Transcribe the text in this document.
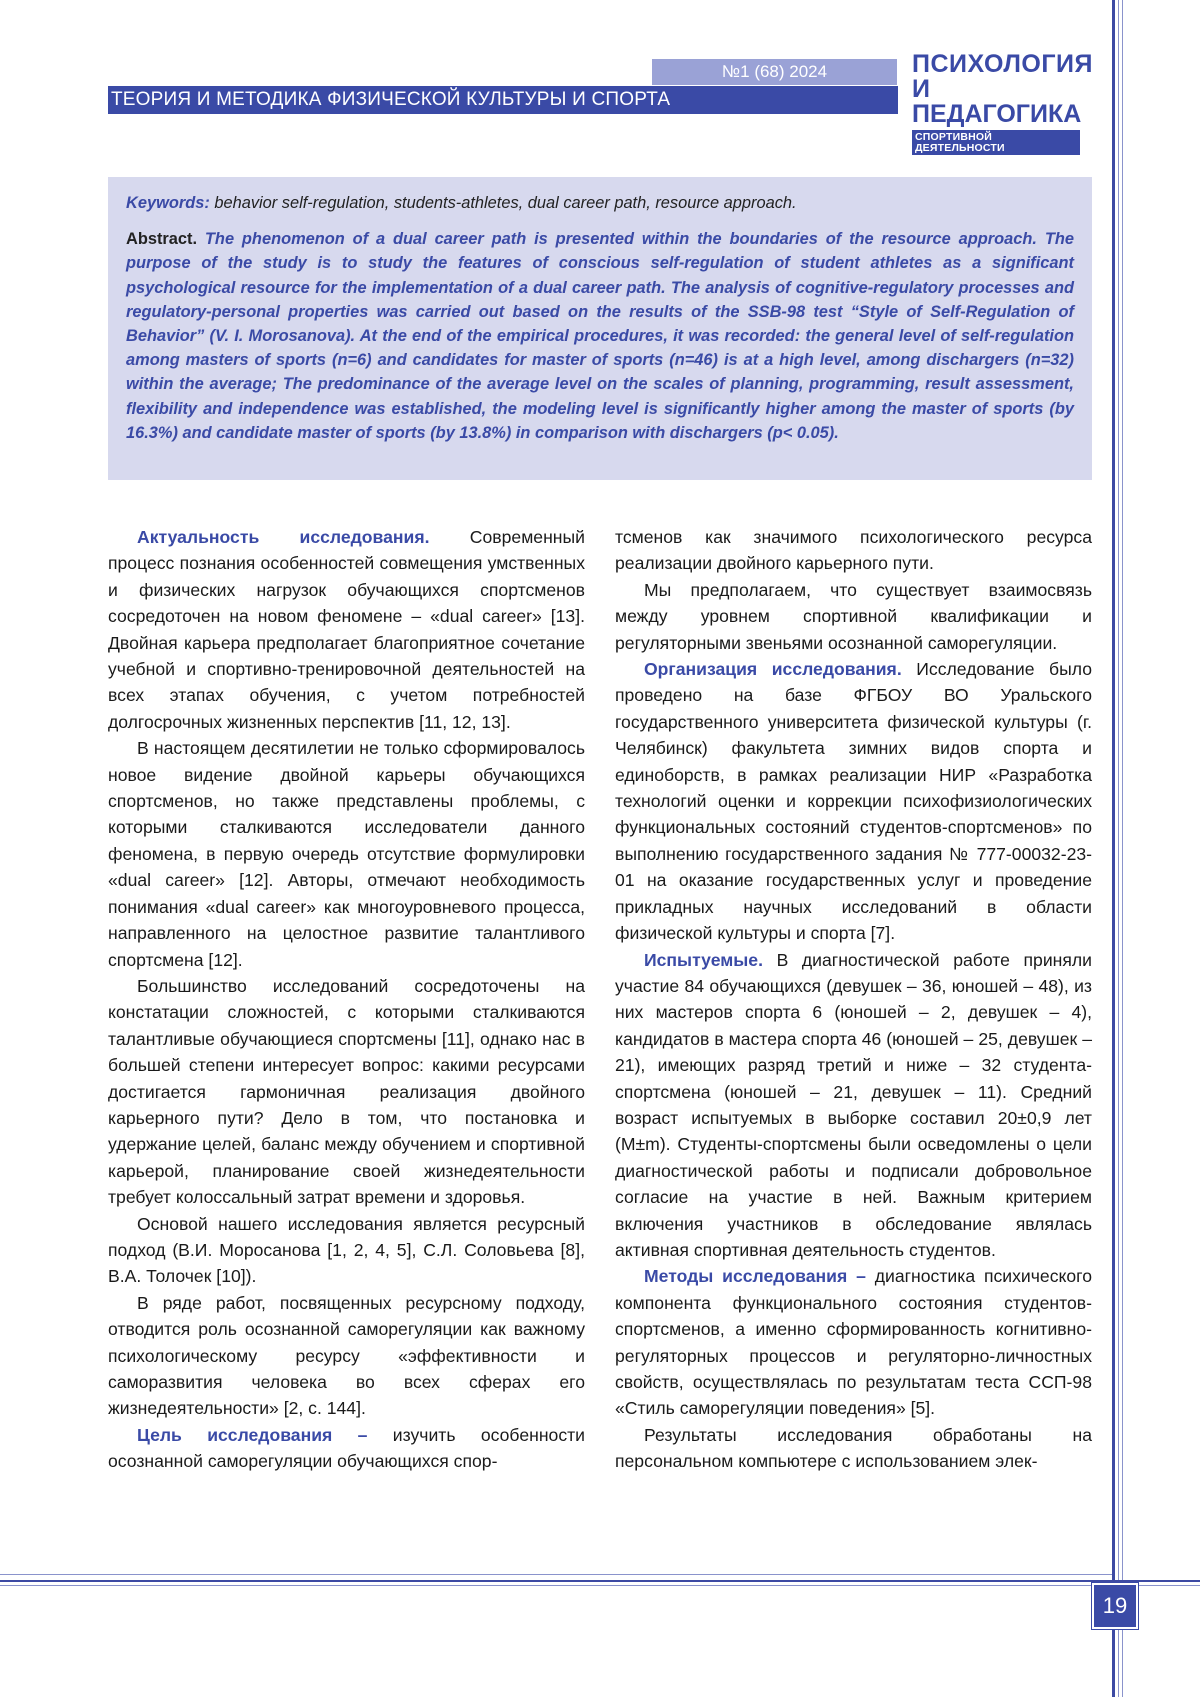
№1 (68) 2024
ТЕОРИЯ И МЕТОДИКА ФИЗИЧЕСКОЙ КУЛЬТУРЫ И СПОРТА
ПСИХОЛОГИЯ
И ПЕДАГОГИКА
СПОРТИВНОЙ ДЕЯТЕЛЬНОСТИ
Keywords: behavior self-regulation, students-athletes, dual career path, resource approach.
Abstract. The phenomenon of a dual career path is presented within the boundaries of the resource approach. The purpose of the study is to study the features of conscious self-regulation of student athletes as a significant psychological resource for the implementation of a dual career path. The analysis of cognitive-regulatory processes and regulatory-personal properties was carried out based on the results of the SSB-98 test “Style of Self-Regulation of Behavior” (V. I. Morosanova). At the end of the empirical procedures, it was recorded: the general level of self-regulation among masters of sports (n=6) and candidates for master of sports (n=46) is at a high level, among dischargers (n=32) within the average; The predominance of the average level on the scales of planning, programming, result assessment, flexibility and independence was established, the modeling level is significantly higher among the master of sports (by 16.3%) and candidate master of sports (by 13.8%) in comparison with dischargers (p< 0.05).

Актуальность исследования. Современный процесс познания особенностей совмещения умственных и физических нагрузок обучающихся спортсменов сосредоточен на новом феномене – «dual career» [13]. Двойная карьера предполагает благоприятное сочетание учебной и спортивно-тренировочной деятельностей на всех этапах обучения, с учетом потребностей долгосрочных жизненных перспектив [11, 12, 13].

В настоящем десятилетии не только сформировалось новое видение двойной карьеры обучающихся спортсменов, но также представлены проблемы, с которыми сталкиваются исследователи данного феномена, в первую очередь отсутствие формулировки «dual career» [12]. Авторы, отмечают необходимость понимания «dual career» как многоуровневого процесса, направленного на целостное развитие талантливого спортсмена [12].

Большинство исследований сосредоточены на констатации сложностей, с которыми сталкиваются талантливые обучающиеся спортсмены [11], однако нас в большей степени интересует вопрос: какими ресурсами достигается гармоничная реализация двойного карьерного пути? Дело в том, что постановка и удержание целей, баланс между обучением и спортивной карьерой, планирование своей жизнедеятельности требует колоссальный затрат времени и здоровья.

Основой нашего исследования является ресурсный подход (В.И. Моросанова [1, 2, 4, 5], С.Л. Соловьева [8], В.А. Толочек [10]).

В ряде работ, посвященных ресурсному подходу, отводится роль осознанной саморегуляции как важному психологическому ресурсу «эффективности и саморазвития человека во всех сферах его жизнедеятельности» [2, с. 144].

Цель исследования – изучить особенности осознанной саморегуляции обучающихся спор-

тсменов как значимого психологического ресурса реализации двойного карьерного пути.

Мы предполагаем, что существует взаимосвязь между уровнем спортивной квалификации и регуляторными звеньями осознанной саморегуляции.

Организация исследования. Исследование было проведено на базе ФГБОУ ВО Уральского государственного университета физической культуры (г. Челябинск) факультета зимних видов спорта и единоборств, в рамках реализации НИР «Разработка технологий оценки и коррекции психофизиологических функциональных состояний студентов-спортсменов» по выполнению государственного задания № 777-00032-23-01 на оказание государственных услуг и проведение прикладных научных исследований в области физической культуры и спорта [7].

Испытуемые. В диагностической работе приняли участие 84 обучающихся (девушек – 36, юношей – 48), из них мастеров спорта 6 (юношей – 2, девушек – 4), кандидатов в мастера спорта 46 (юношей – 25, девушек – 21), имеющих разряд третий и ниже – 32 студента-спортсмена (юношей – 21, девушек – 11). Средний возраст испытуемых в выборке составил 20±0,9 лет (M±m). Студенты-спортсмены были осведомлены о цели диагностической работы и подписали добровольное согласие на участие в ней. Важным критерием включения участников в обследование являлась активная спортивная деятельность студентов.

Методы исследования – диагностика психического компонента функционального состояния студентов-спортсменов, а именно сформированность когнитивно-регуляторных процессов и регуляторно-личностных свойств, осуществлялась по результатам теста ССП-98 «Стиль саморегуляции поведения» [5].

Результаты исследования обработаны на персональном компьютере с использованием элек-

19
